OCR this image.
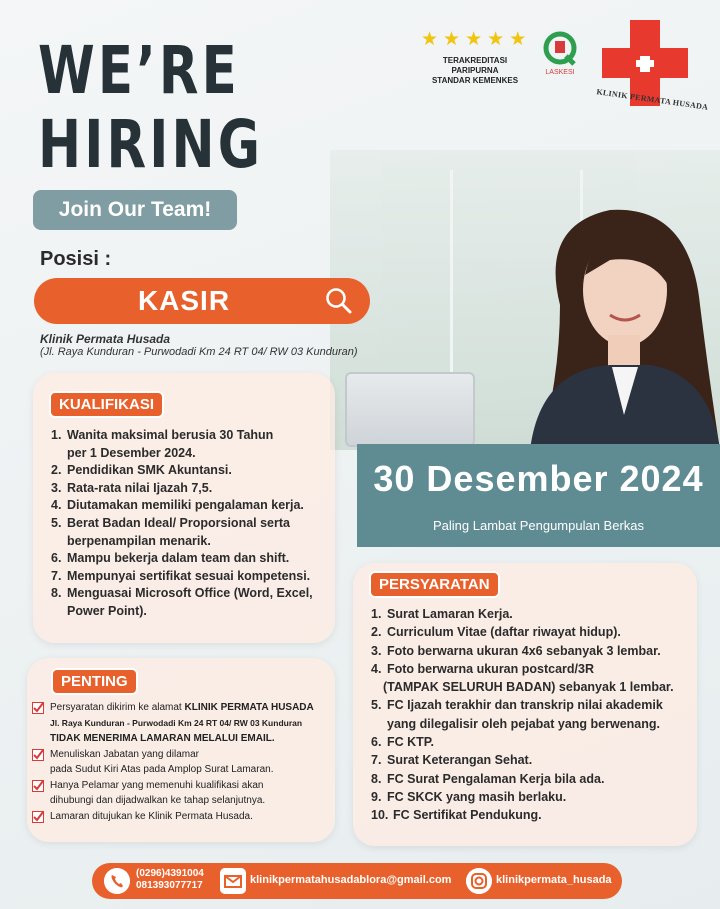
WE’RE
HIRING
Join Our Team!
Posisi :
KASIR
Klinik Permata Husada
(Jl. Raya Kunduran - Purwodadi Km 24 RT 04/ RW 03 Kunduran)
★ ★ ★ ★ ★
TERAKREDITASI PARIPURNA
STANDAR KEMENKES
LASKESI
KLINIK PERMATA HUSADA
30 Desember 2024
Paling Lambat Pengumpulan Berkas
KUALIFIKASI
1. Wanita maksimal berusia 30 Tahun
per 1 Desember 2024.
2. Pendidikan SMK Akuntansi.
3. Rata-rata nilai Ijazah 7,5.
4. Diutamakan memiliki pengalaman kerja.
5. Berat Badan Ideal/ Proporsional serta
berpenampilan menarik.
6. Mampu bekerja dalam team dan shift.
7. Mempunyai sertifikat sesuai kompetensi.
8. Menguasai Microsoft Office (Word, Excel,
Power Point).
PERSYARATAN
1. Surat Lamaran Kerja.
2. Curriculum Vitae (daftar riwayat hidup).
3. Foto berwarna ukuran 4x6 sebanyak 3 lembar.
4. Foto berwarna ukuran postcard/3R
(TAMPAK SELURUH BADAN) sebanyak 1 lembar.
5. FC Ijazah terakhir dan transkrip nilai akademik
yang dilegalisir oleh pejabat yang berwenang.
6. FC KTP.
7. Surat Keterangan Sehat.
8. FC Surat Pengalaman Kerja bila ada.
9. FC SKCK yang masih berlaku.
10. FC Sertifikat Pendukung.
PENTING
Persyaratan dikirim ke alamat KLINIK PERMATA HUSADA
Jl. Raya Kunduran - Purwodadi Km 24 RT 04/ RW 03 Kunduran
TIDAK MENERIMA LAMARAN MELALUI EMAIL.
Menuliskan Jabatan yang dilamar
pada Sudut Kiri Atas pada Amplop Surat Lamaran.
Hanya Pelamar yang memenuhi kualifikasi akan
dihubungi dan dijadwalkan ke tahap selanjutnya.
Lamaran ditujukan ke Klinik Permata Husada.
(0296)4391004
081393077717	klinikpermatahusadablora@gmail.com	klinikpermata_husada
